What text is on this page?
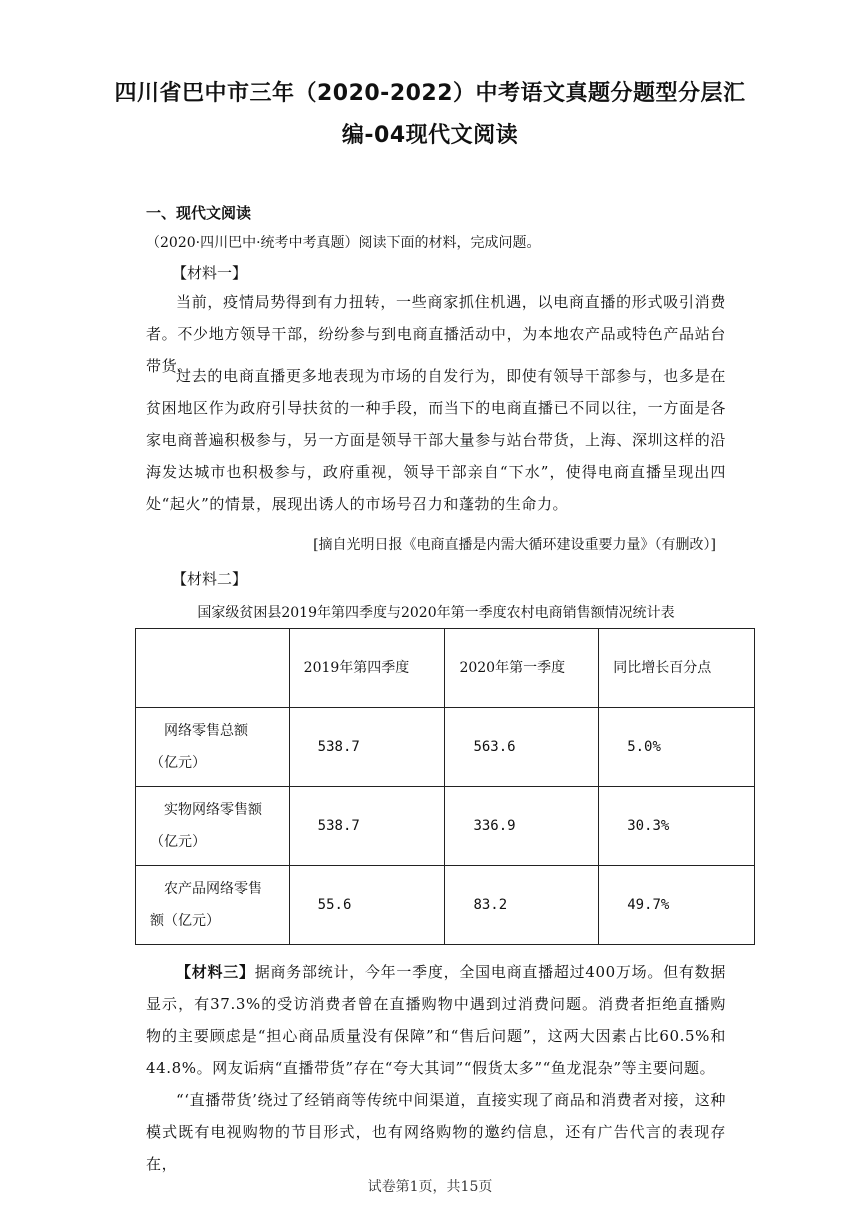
四川省巴中市三年（2020-2022）中考语文真题分题型分层汇
编-04现代文阅读
一、现代文阅读
（2020·四川巴中·统考中考真题）阅读下面的材料，完成问题。
【材料一】

当前，疫情局势得到有力扭转，一些商家抓住机遇，以电商直播的形式吸引消费者。不少地方领导干部，纷纷参与到电商直播活动中，为本地农产品或特色产品站台带货。

过去的电商直播更多地表现为市场的自发行为，即使有领导干部参与，也多是在贫困地区作为政府引导扶贫的一种手段，而当下的电商直播已不同以往，一方面是各家电商普遍积极参与，另一方面是领导干部大量参与站台带货，上海、深圳这样的沿海发达城市也积极参与，政府重视，领导干部亲自“下水”，使得电商直播呈现出四处“起火”的情景，展现出诱人的市场号召力和蓬勃的生命力。

[摘自光明日报《电商直播是内需大循环建设重要力量》（有删改）]
【材料二】
国家级贫困县2019年第四季度与2020年第一季度农村电商销售额情况统计表
	2019年第四季度	2020年第一季度	同比增长百分点
网络零售总额（亿元）	538.7	563.6	5.0%
实物网络零售额（亿元）	538.7	336.9	30.3%
农产品网络零售额（亿元）	55.6	83.2	49.7%

【材料三】据商务部统计，今年一季度，全国电商直播超过400万场。但有数据显示，有37.3%的受访消费者曾在直播购物中遇到过消费问题。消费者拒绝直播购物的主要顾虑是“担心商品质量没有保障”和“售后问题”，这两大因素占比60.5%和44.8%。网友诟病“直播带货”存在“夸大其词”“假货太多”“鱼龙混杂”等主要问题。

“‘直播带货’绕过了经销商等传统中间渠道，直接实现了商品和消费者对接，这种模式既有电视购物的节目形式，也有网络购物的邀约信息，还有广告代言的表现存在，

试卷第1页，共15页
